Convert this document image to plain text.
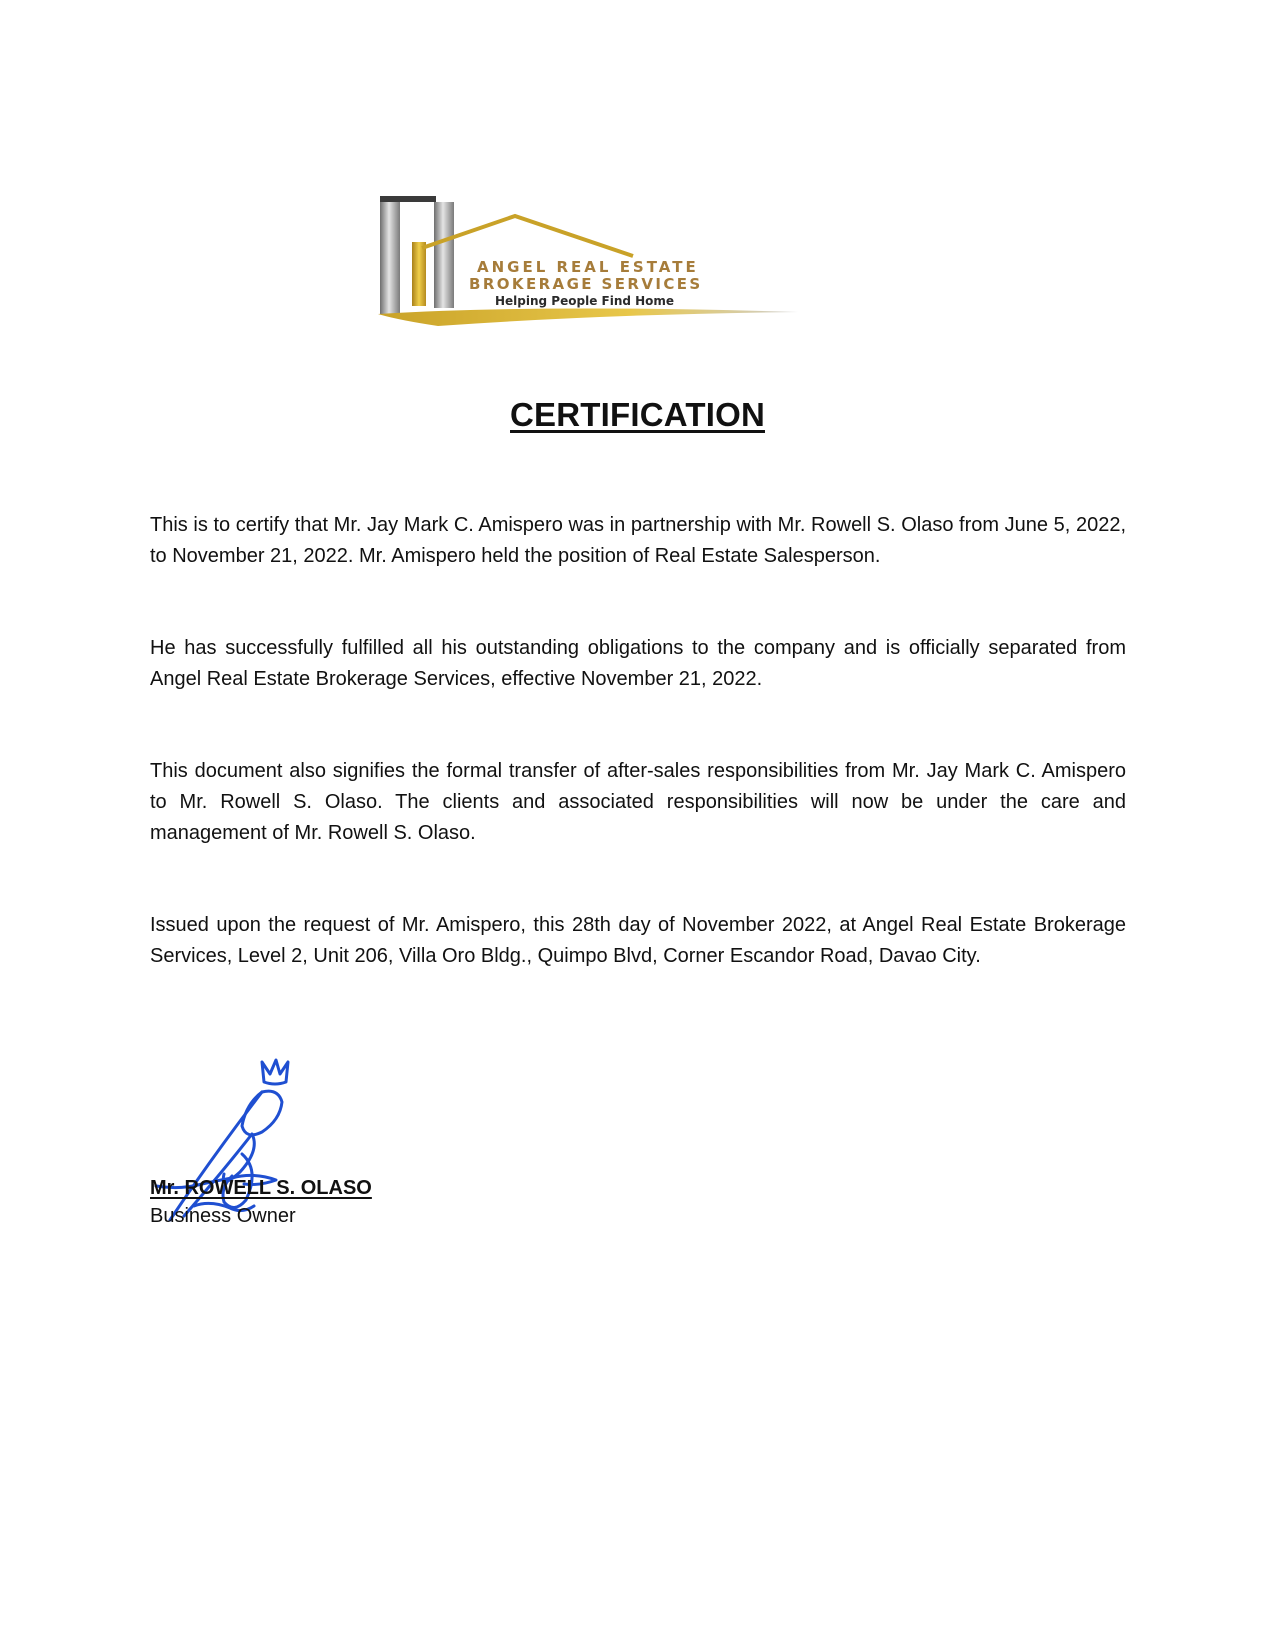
ANGEL REAL ESTATE
BROKERAGE SERVICES
Helping People Find Home
CERTIFICATION

This is to certify that Mr. Jay Mark C. Amispero was in partnership with Mr. Rowell S. Olaso from June 5, 2022, to November 21, 2022. Mr. Amispero held the position of Real Estate Salesperson.

He has successfully fulfilled all his outstanding obligations to the company and is officially separated from Angel Real Estate Brokerage Services, effective November 21, 2022.

This document also signifies the formal transfer of after-sales responsibilities from Mr. Jay Mark C. Amispero to Mr. Rowell S. Olaso. The clients and associated responsibilities will now be under the care and management of Mr. Rowell S. Olaso.

Issued upon the request of Mr. Amispero, this 28th day of November 2022, at Angel Real Estate Brokerage Services, Level 2, Unit 206, Villa Oro Bldg., Quimpo Blvd, Corner Escandor Road, Davao City.

Mr. ROWELL S. OLASO

Business Owner
